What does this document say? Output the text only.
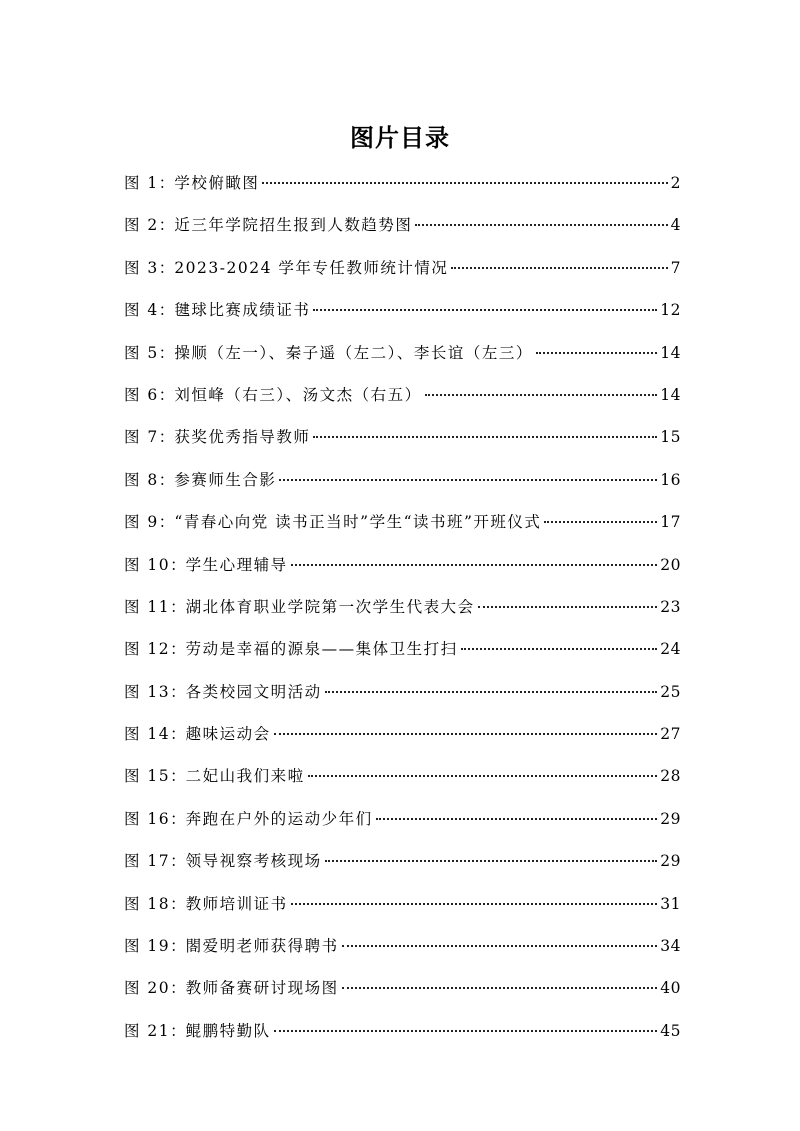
图片目录
图 1 ： 学校俯瞰图	2
图 2 ： 近三年学院招生报到人数趋势图	4
图 3 ： 2023-2024 学年专任教师统计情况	7
图 4 ： 毽球比赛成绩证书	12
图 5 ： 操顺（左一）、秦子遥（左二）、李长谊（左三）	14
图 6 ： 刘恒峰（右三）、汤文杰（右五）	14
图 7 ： 获奖优秀指导教师	15
图 8 ： 参赛师生合影	16
图 9 ： “青春心向党 读书正当时”学生“读书班”开班仪式	17
图 10 ： 学生心理辅导	20
图 11 ： 湖北体育职业学院第一次学生代表大会	23
图 12 ： 劳动是幸福的源泉——集体卫生打扫	24
图 13 ： 各类校园文明活动	25
图 14 ： 趣味运动会	27
图 15 ： 二妃山我们来啦	28
图 16 ： 奔跑在户外的运动少年们	29
图 17 ： 领导视察考核现场	29
图 18 ： 教师培训证书	31
图 19 ： 閤爱明老师获得聘书	34
图 20 ： 教师备赛研讨现场图	40
图 21 ： 鲲鹏特勤队	45
